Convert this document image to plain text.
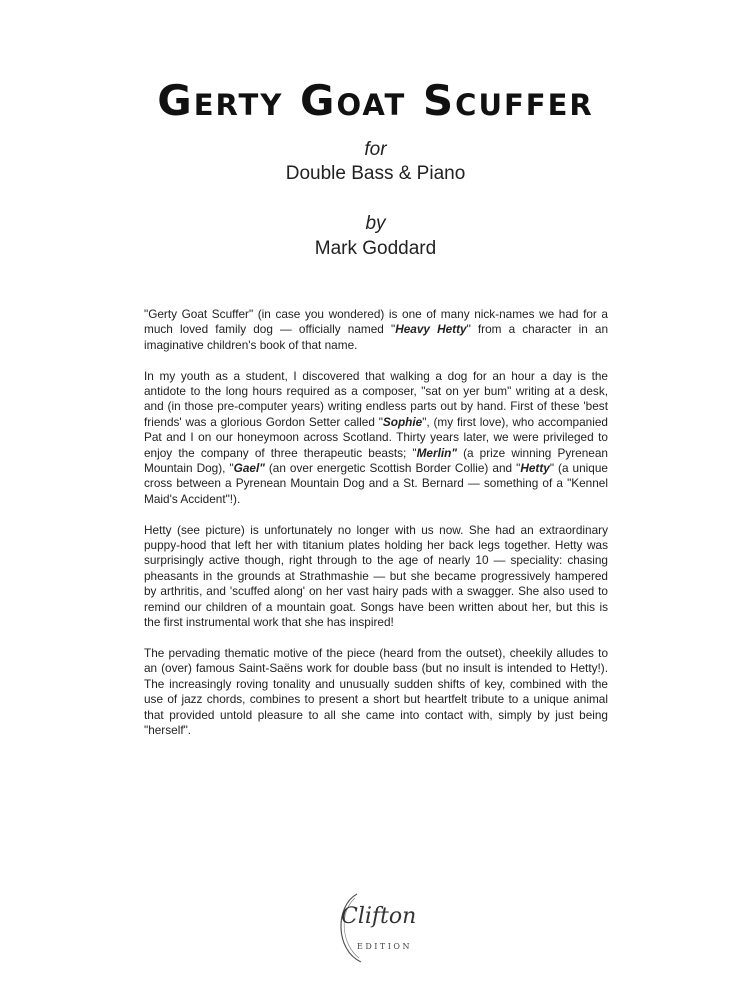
Gerty Goat Scuffer
for
Double Bass & Piano
by
Mark Goddard

"Gerty Goat Scuffer" (in case you wondered) is one of many nick-names we had for a much loved family dog — officially named "Heavy Hetty" from a character in an imaginative children's book of that name.

In my youth as a student, I discovered that walking a dog for an hour a day is the antidote to the long hours required as a composer, "sat on yer bum" writing at a desk, and (in those pre-computer years) writing endless parts out by hand. First of these 'best friends' was a glorious Gordon Setter called "Sophie", (my first love), who accompanied Pat and I on our honeymoon across Scotland. Thirty years later, we were privileged to enjoy the company of three therapeutic beasts; "Merlin" (a prize winning Pyrenean Mountain Dog), "Gael" (an over energetic Scottish Border Collie) and "Hetty" (a unique cross between a Pyrenean Mountain Dog and a St. Bernard — something of a "Kennel Maid's Accident"!).

Hetty (see picture) is unfortunately no longer with us now. She had an extraordinary puppy-hood that left her with titanium plates holding her back legs together. Hetty was surprisingly active though, right through to the age of nearly 10 — speciality: chasing pheasants in the grounds at Strathmashie — but she became progressively hampered by arthritis, and 'scuffed along' on her vast hairy pads with a swagger. She also used to remind our children of a mountain goat. Songs have been written about her, but this is the first instrumental work that she has inspired!

The pervading thematic motive of the piece (heard from the outset), cheekily alludes to an (over) famous Saint-Saëns work for double bass (but no insult is intended to Hetty!). The increasingly roving tonality and unusually sudden shifts of key, combined with the use of jazz chords, combines to present a short but heartfelt tribute to a unique animal that provided untold pleasure to all she came into contact with, simply by just being "herself".

Clifton
EDITION
